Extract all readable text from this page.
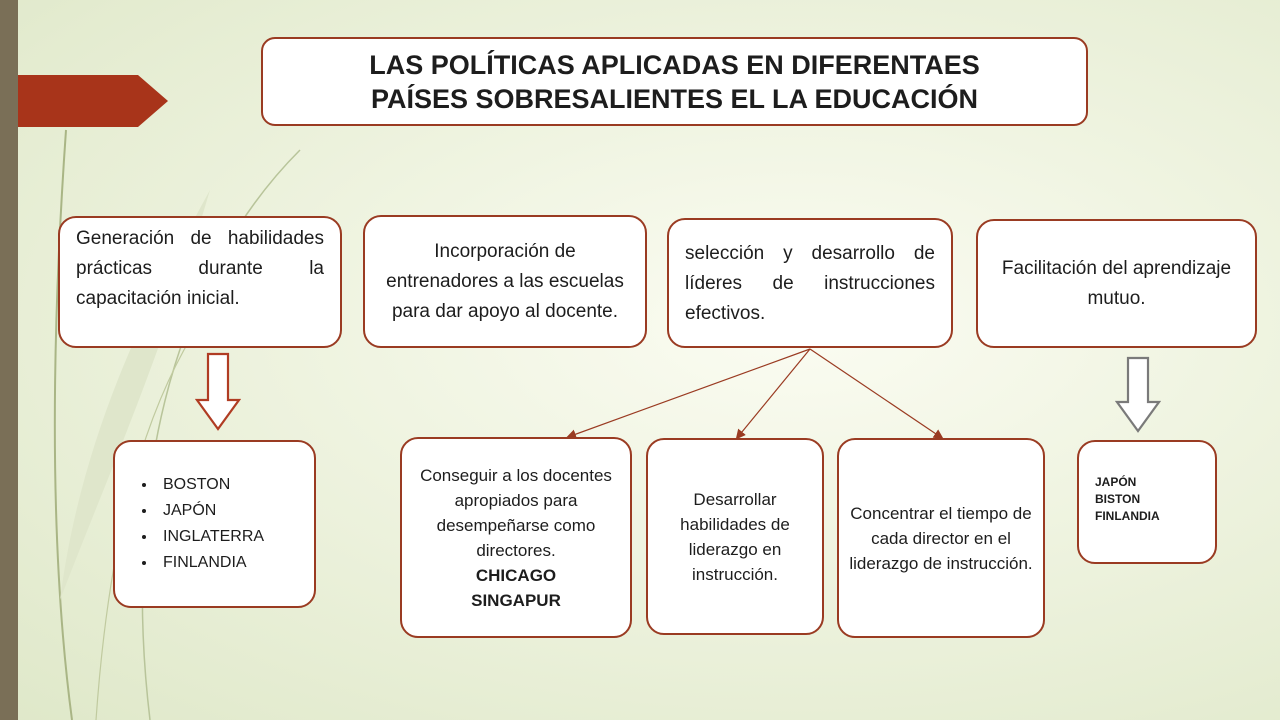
LAS POLÍTICAS APLICADAS EN DIFERENTAES
PAÍSES SOBRESALIENTES EL LA EDUCACIÓN
Generación de habilidades prácticas durante la capacitación inicial.
Incorporación de entrenadores a las escuelas para dar apoyo al docente.
selección y desarrollo de líderes de instrucciones efectivos.
Facilitación del aprendizaje mutuo.
• BOSTON
• JAPÓN
• INGLATERRA
• FINLANDIA
Conseguir a los docentes apropiados para desempeñarse como directores.
CHICAGO
SINGAPUR
Desarrollar habilidades de liderazgo en instrucción.
Concentrar el tiempo de cada director en el liderazgo de instrucción.
JAPÓN
BISTON
FINLANDIA
